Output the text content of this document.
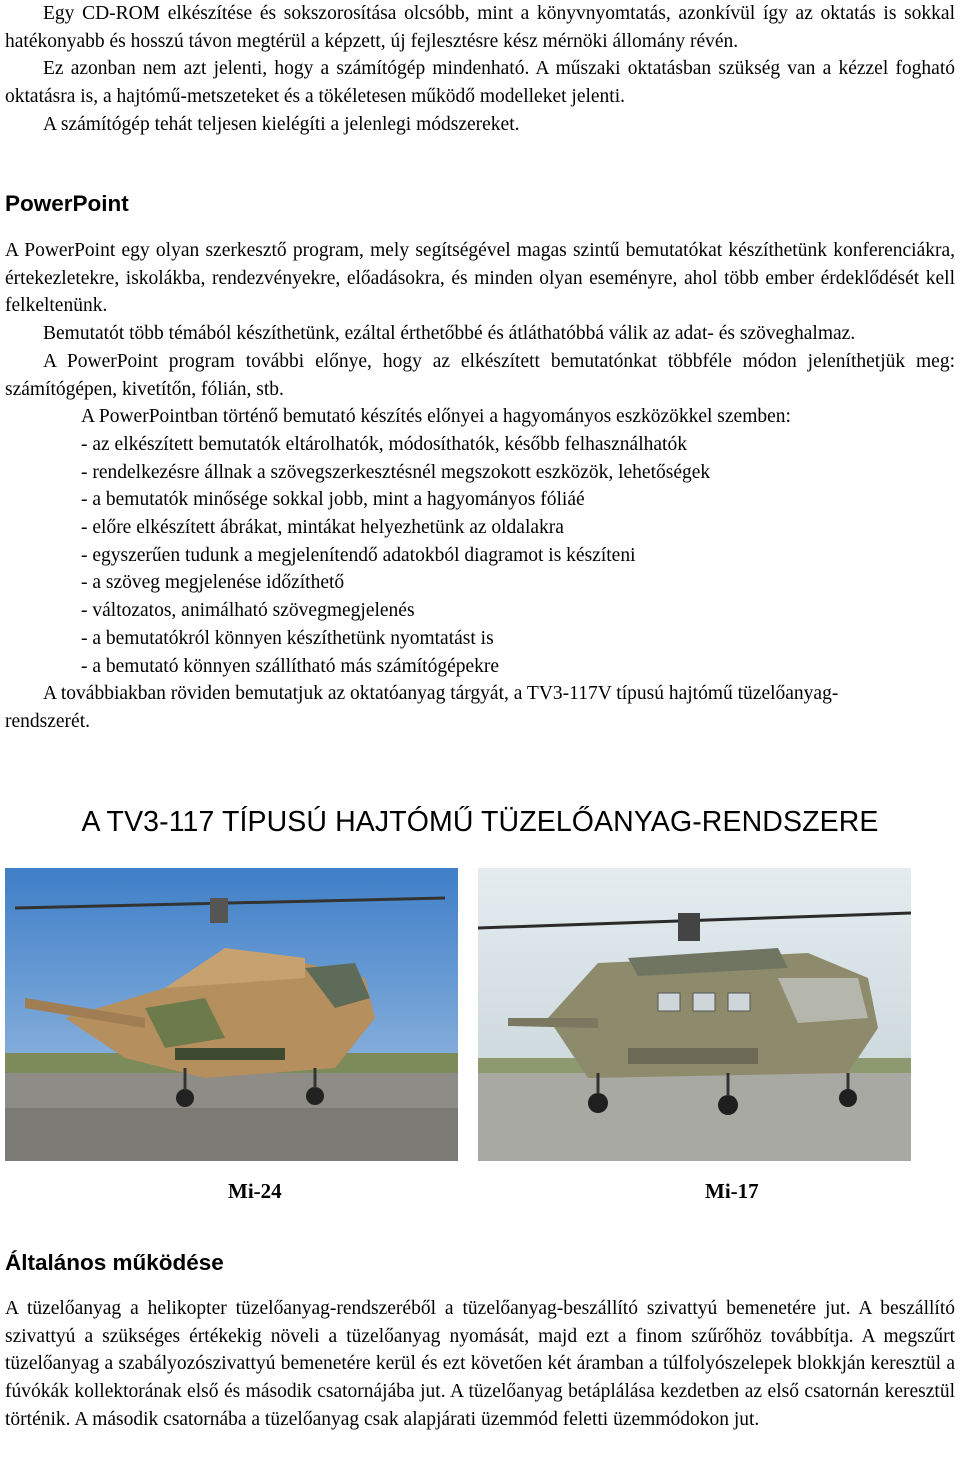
Egy CD-ROM elkészítése és sokszorosítása olcsóbb, mint a könyvnyomtatás, azonkívül így az oktatás is sokkal hatékonyabb és hosszú távon megtérül a képzett, új fejlesztésre kész mérnöki állomány révén.

Ez azonban nem azt jelenti, hogy a számítógép mindenható. A műszaki oktatásban szükség van a kézzel fogható oktatásra is, a hajtómű-metszeteket és a tökéletesen működő modelleket jelenti.

A számítógép tehát teljesen kielégíti a jelenlegi módszereket.

PowerPoint

A PowerPoint egy olyan szerkesztő program, mely segítségével magas szintű bemutatókat készíthetünk konferenciákra, értekezletekre, iskolákba, rendezvényekre, előadásokra, és minden olyan eseményre, ahol több ember érdeklődését kell felkeltenünk.

Bemutatót több témából készíthetünk, ezáltal érthetőbbé és átláthatóbbá válik az adat- és szöveghalmaz.

A PowerPoint program további előnye, hogy az elkészített bemutatónkat többféle módon jeleníthetjük meg: számítógépen, kivetítőn, fólián, stb.

A PowerPointban történő bemutató készítés előnyei a hagyományos eszközökkel szemben:
- az elkészített bemutatók eltárolhatók, módosíthatók, később felhasználhatók
- rendelkezésre állnak a szövegszerkesztésnél megszokott eszközök, lehetőségek
- a bemutatók minősége sokkal jobb, mint a hagyományos fóliáé
- előre elkészített ábrákat, mintákat helyezhetünk az oldalakra
- egyszerűen tudunk a megjelenítendő adatokból diagramot is készíteni
- a szöveg megjelenése időzíthető
- változatos, animálható szövegmegjelenés
- a bemutatókról könnyen készíthetünk nyomtatást is
- a bemutató könnyen szállítható más számítógépekre

A továbbiakban röviden bemutatjuk az oktatóanyag tárgyát, a TV3-117V típusú hajtómű tüzelőanyag-rendszerét.

A TV3-117 TÍPUSÚ HAJTÓMŰ TÜZELŐANYAG-RENDSZERE
Mi-24	Mi-17
Általános működése

A tüzelőanyag a helikopter tüzelőanyag-rendszeréből a tüzelőanyag-beszállító szivattyú bemenetére jut. A beszállító szivattyú a szükséges értékekig növeli a tüzelőanyag nyomását, majd ezt a finom szűrőhöz továbbítja. A megszűrt tüzelőanyag a szabályozószivattyú bemenetére kerül és ezt követően két áramban a túlfolyószelepek blokkján keresztül a fúvókák kollektorának első és második csatornájába jut. A tüzelőanyag betáplálása kezdetben az első csatornán keresztül történik. A második csatornába a tüzelőanyag csak alapjárati üzemmód feletti üzemmódokon jut.
